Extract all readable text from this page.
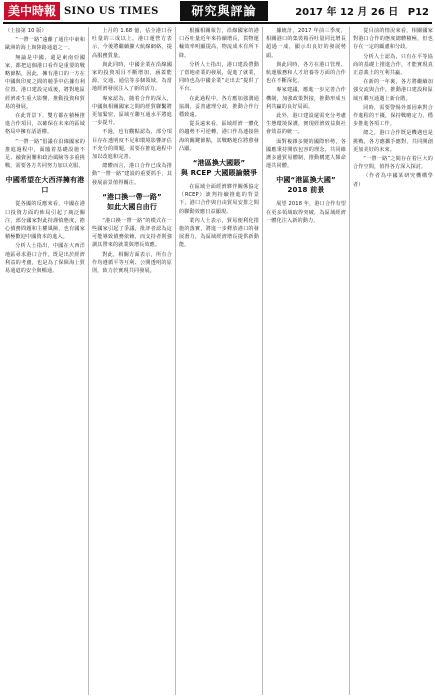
美中時報 SINO US TIMES	研究與評論	2017 年 12 月 26 日 P12

（上接第 10 版）

“一帶一路”遠離了通往中東和歐洲的海上與陸路通道之一。

無論是中國，還是東南亞國家，都把這個港口看作是重要的戰略節點，因此，擁有港口的一方在中國與印度之間的競爭中佔據有利位置。港口建設完成後，將對地區經濟產生重大影響，推動投資和貿易的發展。

在此背景下，雙方都在積極推進合作項目，以確保在未來的區域格局中擁有話語權。

“一帶一路”倡議在沿線國家的推進過程中，面臨着基礎設施不足、融資困難和政治風險等多重挑戰，需要各方共同努力加以克服。

中國希望在大西洋擁有港口

從各國的反應來看，中國在港口投資方面的佈局引起了廣泛關注，部分國家對此持謹慎態度，擔心債務問題和主權風險，也有國家積極歡迎中國資本的進入。

分析人士指出，中國在大西洋地區尋求港口合作，既是出於經濟利益的考慮，也是為了保障海上貿易通道的安全與暢通。

上月的 1.68 億，佔全港口吞吐量的三成以上。港口運營方表示，今後將繼續擴大航線網絡，提高服務質量。

與此同時，中國企業在沿線國家的投資項目不斷增加，涵蓋能源、交通、通信等多個領域，為當地經濟發展注入了新的活力。

專家認為，隨着合作的深入，中國與相關國家之間的經貿聯繫將更加緊密，區域互聯互通水平將進一步提升。

不過，也有觀點認為，部分項目存在透明度不足和環境影響評估不充分的問題，需要在推進過程中加以改進和完善。

總體而言，港口合作已成為推動“一帶一路”建設的重要抓手，其發展前景值得關注。

“港口換一帶一路”
如此大國自由行

“港口換一帶一路”的模式在一些國家引起了爭議，批評者認為這可能導致債務依賴，而支持者則強調其帶來的就業與增長效應。

對此，相關方面表示，所有合作均遵循平等互利、公開透明的原則，致力於實現共同發展。

根據相關報告，沿線國家的港口吞吐量近年來持續增長，貨物運輸效率明顯提高，物流成本有所下降。

分析人士指出，港口建設帶動了當地產業的發展，促進了就業，同時也為中國企業“走出去”提供了平台。

在此過程中，各方應加強溝通協調，妥善處理分歧，推動合作行穩致遠。

從長遠來看，區域經濟一體化的趨勢不可逆轉，港口作為連接陸海的關鍵節點，其戰略地位將愈發凸顯。

“港區換大國賬”
與 RCEP 大國賬論競爭

在區域全面經濟夥伴關係協定（RCEP）談判持續推進的背景下，港口合作與自由貿易安排之間的聯動效應日益顯現。

業內人士表示，貿易便利化措施的落實，將進一步釋放港口的發展潛力，為區域經濟增長提供新動能。

據統計，2017 年前三季度，相關港口的集裝箱吞吐量同比增長超過一成，顯示出良好的發展勢頭。

與此同時，各方在港口管理、航運服務和人才培養等方面的合作也在不斷深化。

專家建議，應進一步完善合作機制，加強政策對接，推動形成互利共贏的良好局面。

此外，港口建設還需充分考慮生態環境保護，實現經濟效益與社會效益的統一。

面對複雜多變的國際形勢，各國應秉持開放包容的理念，共同維護多邊貿易體制，推動構建人類命運共同體。

中國“港區換大國”
2018 前景

展望 2018 年，港口合作有望在更多領域取得突破，為區域經濟一體化注入新的動力。

從目前的情況來看，相關國家對港口合作的態度總體積極，但也存在一定的顧慮和分歧。

分析人士認為，只有在平等協商的基礎上推進合作，才能實現真正意義上的互利共贏。

在新的一年裏，各方將繼續加強交流與合作，推動港口建設和區域互聯互通邁上新台階。

同時，需要警惕外部因素對合作進程的干擾，保持戰略定力，穩步推進各項工作。

總之，港口合作既是機遇也是挑戰，各方應攜手應對，共同開創更加美好的未來。

“一帶一路”之間存在着巨大的合作空間，值得各方深入探討。

（作者為中國某研究機構學者）
